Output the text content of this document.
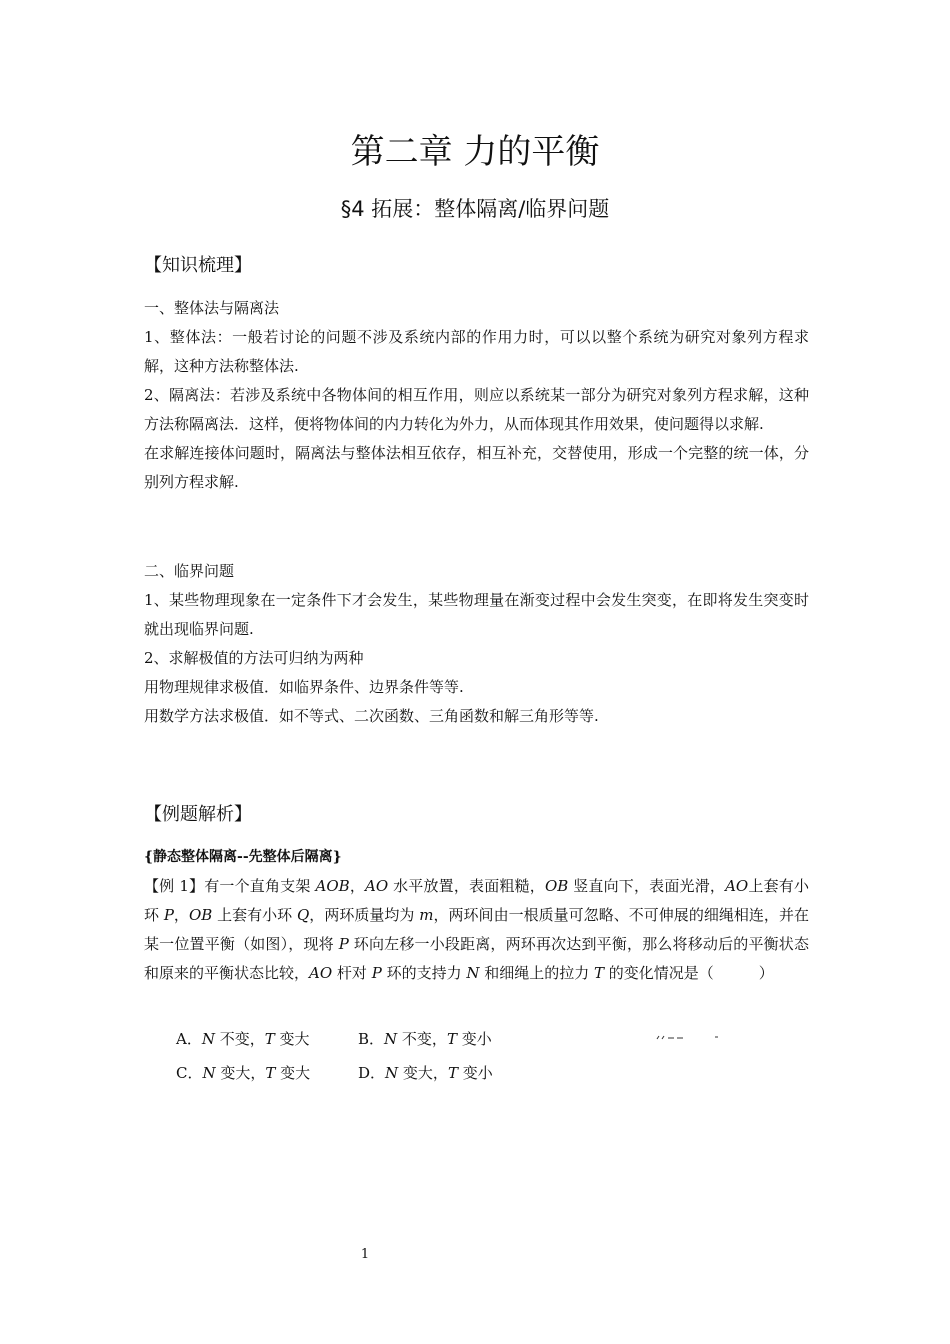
第二章 力的平衡
§4 拓展：整体隔离/临界问题
【知识梳理】

一、整体法与隔离法

1、整体法：一般若讨论的问题不涉及系统内部的作用力时，可以以整个系统为研究对象列方程求解，这种方法称整体法.

2、隔离法：若涉及系统中各物体间的相互作用，则应以系统某一部分为研究对象列方程求解，这种方法称隔离法．这样，便将物体间的内力转化为外力，从而体现其作用效果，使问题得以求解.

在求解连接体问题时，隔离法与整体法相互依存，相互补充，交替使用，形成一个完整的统一体，分别列方程求解.

二、临界问题

1、某些物理现象在一定条件下才会发生，某些物理量在渐变过程中会发生突变，在即将发生突变时就出现临界问题.

2、求解极值的方法可归纳为两种

用物理规律求极值．如临界条件、边界条件等等.

用数学方法求极值．如不等式、二次函数、三角函数和解三角形等等.

【例题解析】
{静态整体隔离--先整体后隔离}

【例 1】有一个直角支架 AOB，AO 水平放置，表面粗糙，OB 竖直向下，表面光滑，AO上套有小环 P，OB 上套有小环 Q，两环质量均为 m，两环间由一根质量可忽略、不可伸展的细绳相连，并在某一位置平衡（如图），现将 P 环向左移一小段距离，两环再次达到平衡，那么将移动后的平衡状态和原来的平衡状态比较，AO 杆对 P 环的支持力 N 和细绳上的拉力 T 的变化情况是（　　　）

A．N 不变，T 变大	B．N 不变，T 变小
C．N 变大，T 变大	D．N 变大，T 变小
1
